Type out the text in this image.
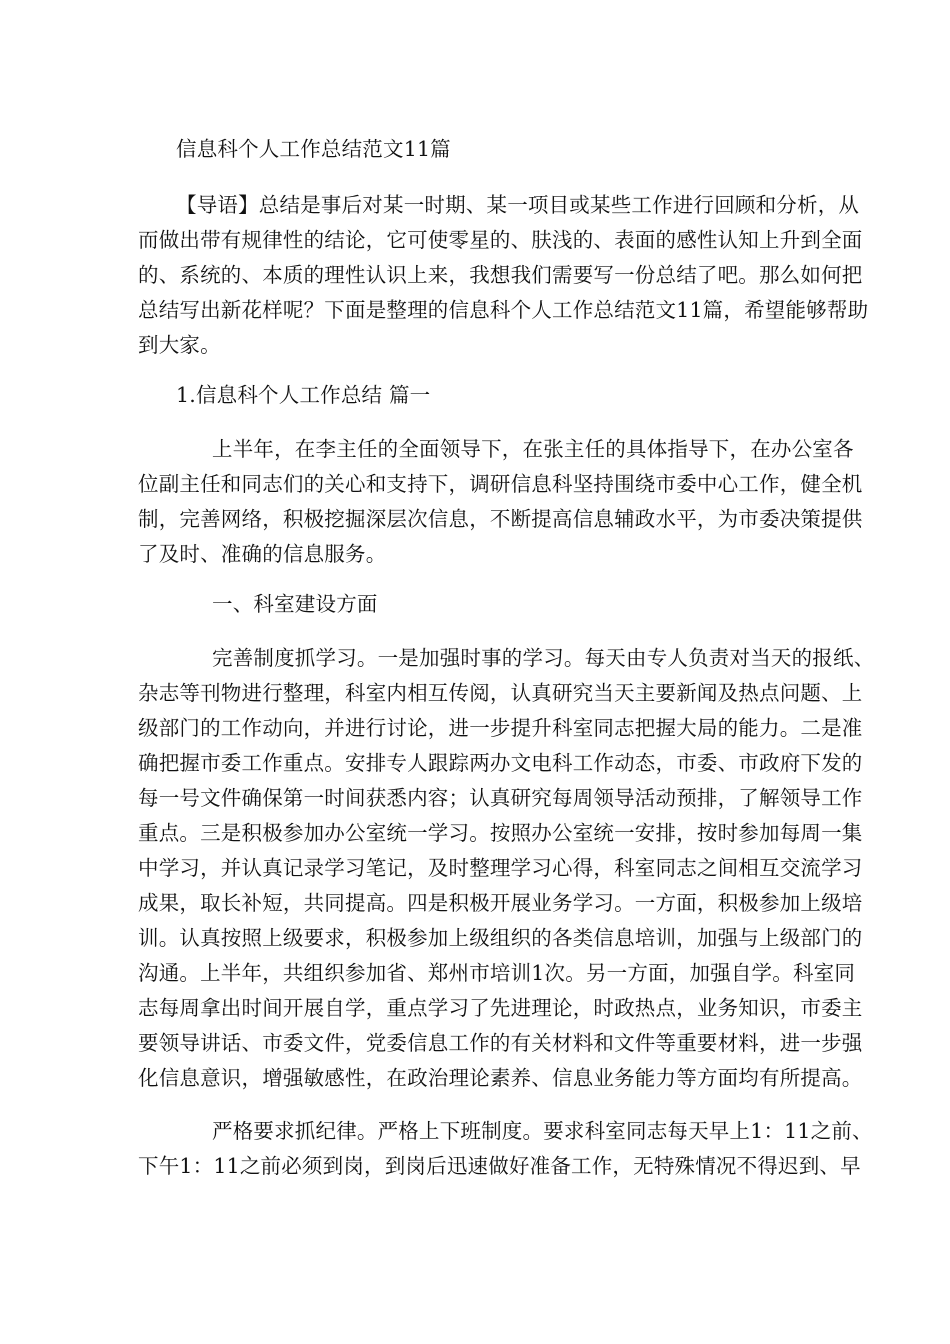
信息科个人工作总结范文11篇
【导语】总结是事后对某一时期、某一项目或某些工作进行回顾和分析，从
而做出带有规律性的结论，它可使零星的、肤浅的、表面的感性认知上升到全面
的、系统的、本质的理性认识上来，我想我们需要写一份总结了吧。那么如何把
总结写出新花样呢？下面是整理的信息科个人工作总结范文11篇，希望能够帮助
到大家。
1.信息科个人工作总结 篇一
上半年，在李主任的全面领导下，在张主任的具体指导下，在办公室各
位副主任和同志们的关心和支持下，调研信息科坚持围绕市委中心工作，健全机
制，完善网络，积极挖掘深层次信息，不断提高信息辅政水平，为市委决策提供
了及时、准确的信息服务。
一、科室建设方面
完善制度抓学习。一是加强时事的学习。每天由专人负责对当天的报纸、
杂志等刊物进行整理，科室内相互传阅，认真研究当天主要新闻及热点问题、上
级部门的工作动向，并进行讨论，进一步提升科室同志把握大局的能力。二是准
确把握市委工作重点。安排专人跟踪两办文电科工作动态，市委、市政府下发的
每一号文件确保第一时间获悉内容；认真研究每周领导活动预排，了解领导工作
重点。三是积极参加办公室统一学习。按照办公室统一安排，按时参加每周一集
中学习，并认真记录学习笔记，及时整理学习心得，科室同志之间相互交流学习
成果，取长补短，共同提高。四是积极开展业务学习。一方面，积极参加上级培
训。认真按照上级要求，积极参加上级组织的各类信息培训，加强与上级部门的
沟通。上半年，共组织参加省、郑州市培训1次。另一方面，加强自学。科室同
志每周拿出时间开展自学，重点学习了先进理论，时政热点，业务知识，市委主
要领导讲话、市委文件，党委信息工作的有关材料和文件等重要材料，进一步强
化信息意识，增强敏感性，在政治理论素养、信息业务能力等方面均有所提高。
严格要求抓纪律。严格上下班制度。要求科室同志每天早上1：11之前、
下午1：11之前必须到岗，到岗后迅速做好准备工作，无特殊情况不得迟到、早
